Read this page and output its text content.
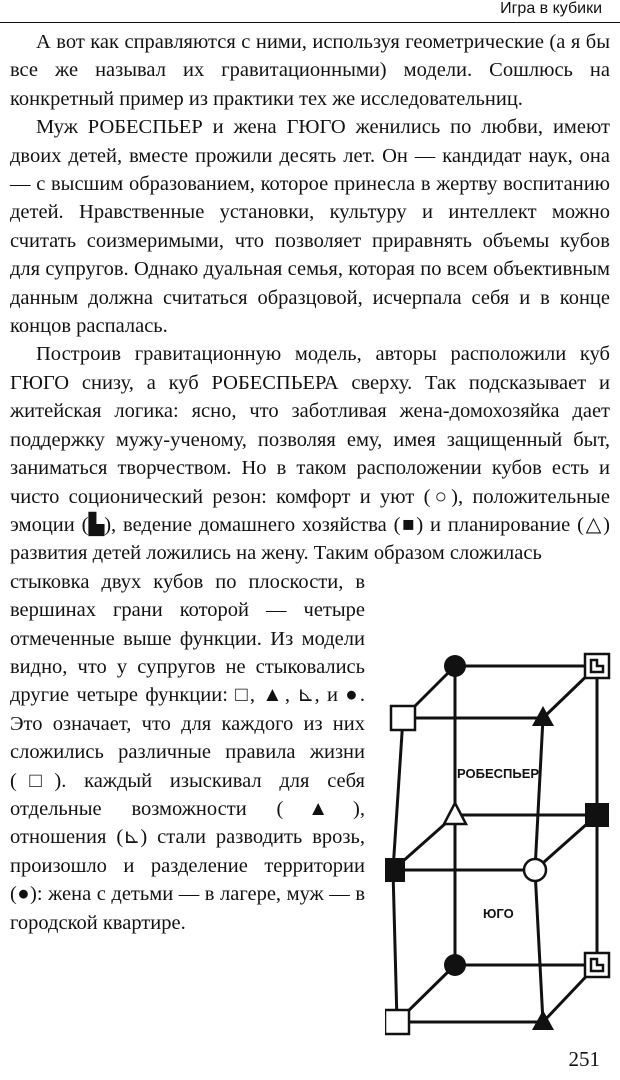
Игра в кубики

А вот как справляются с ними, используя геометрические (а я бы все же называл их гравитационными) модели. Сошлюсь на конкретный пример из практики тех же исследовательниц.

Муж РОБЕСПЬЕР и жена ГЮГО женились по любви, имеют двоих детей, вместе прожили десять лет. Он — кандидат наук, она — с высшим образованием, которое принесла в жертву воспитанию детей. Нравственные установки, культуру и интеллект можно считать соизмеримыми, что позволяет приравнять объемы кубов для супругов. Однако дуальная семья, которая по всем объективным данным должна считаться образцовой, исчерпала себя и в конце концов распалась.

Построив гравитационную модель, авторы расположили куб ГЮГО снизу, а куб РОБЕСПЬЕРА сверху. Так подсказывает и житейская логика: ясно, что заботливая жена-домохозяйка дает поддержку мужу-ученому, позволяя ему, имея защищенный быт, заниматься творчеством. Но в таком расположении кубов есть и чисто соционический резон: комфорт и уют (○), положительные эмоции (▙), ведение домашнего хозяйства (■) и планирование (△) развития детей ложились на жену. Таким образом сложилась

стыковка двух кубов по плоскости, в вершинах грани которой — четыре отмеченные выше функции. Из модели видно, что у супругов не стыковались другие четыре функции: □, ▲, ⊾, и ●. Это означает, что для каждого из них сложились различные правила жизни (□). каждый изыскивал для себя отдельные возможности (▲), отношения (⊾) стали разводить врозь, произошло и разделение территории (●): жена с детьми — в лагере, муж — в городской квартире.
РОБЕСПЬЕР
ЮГО
251
